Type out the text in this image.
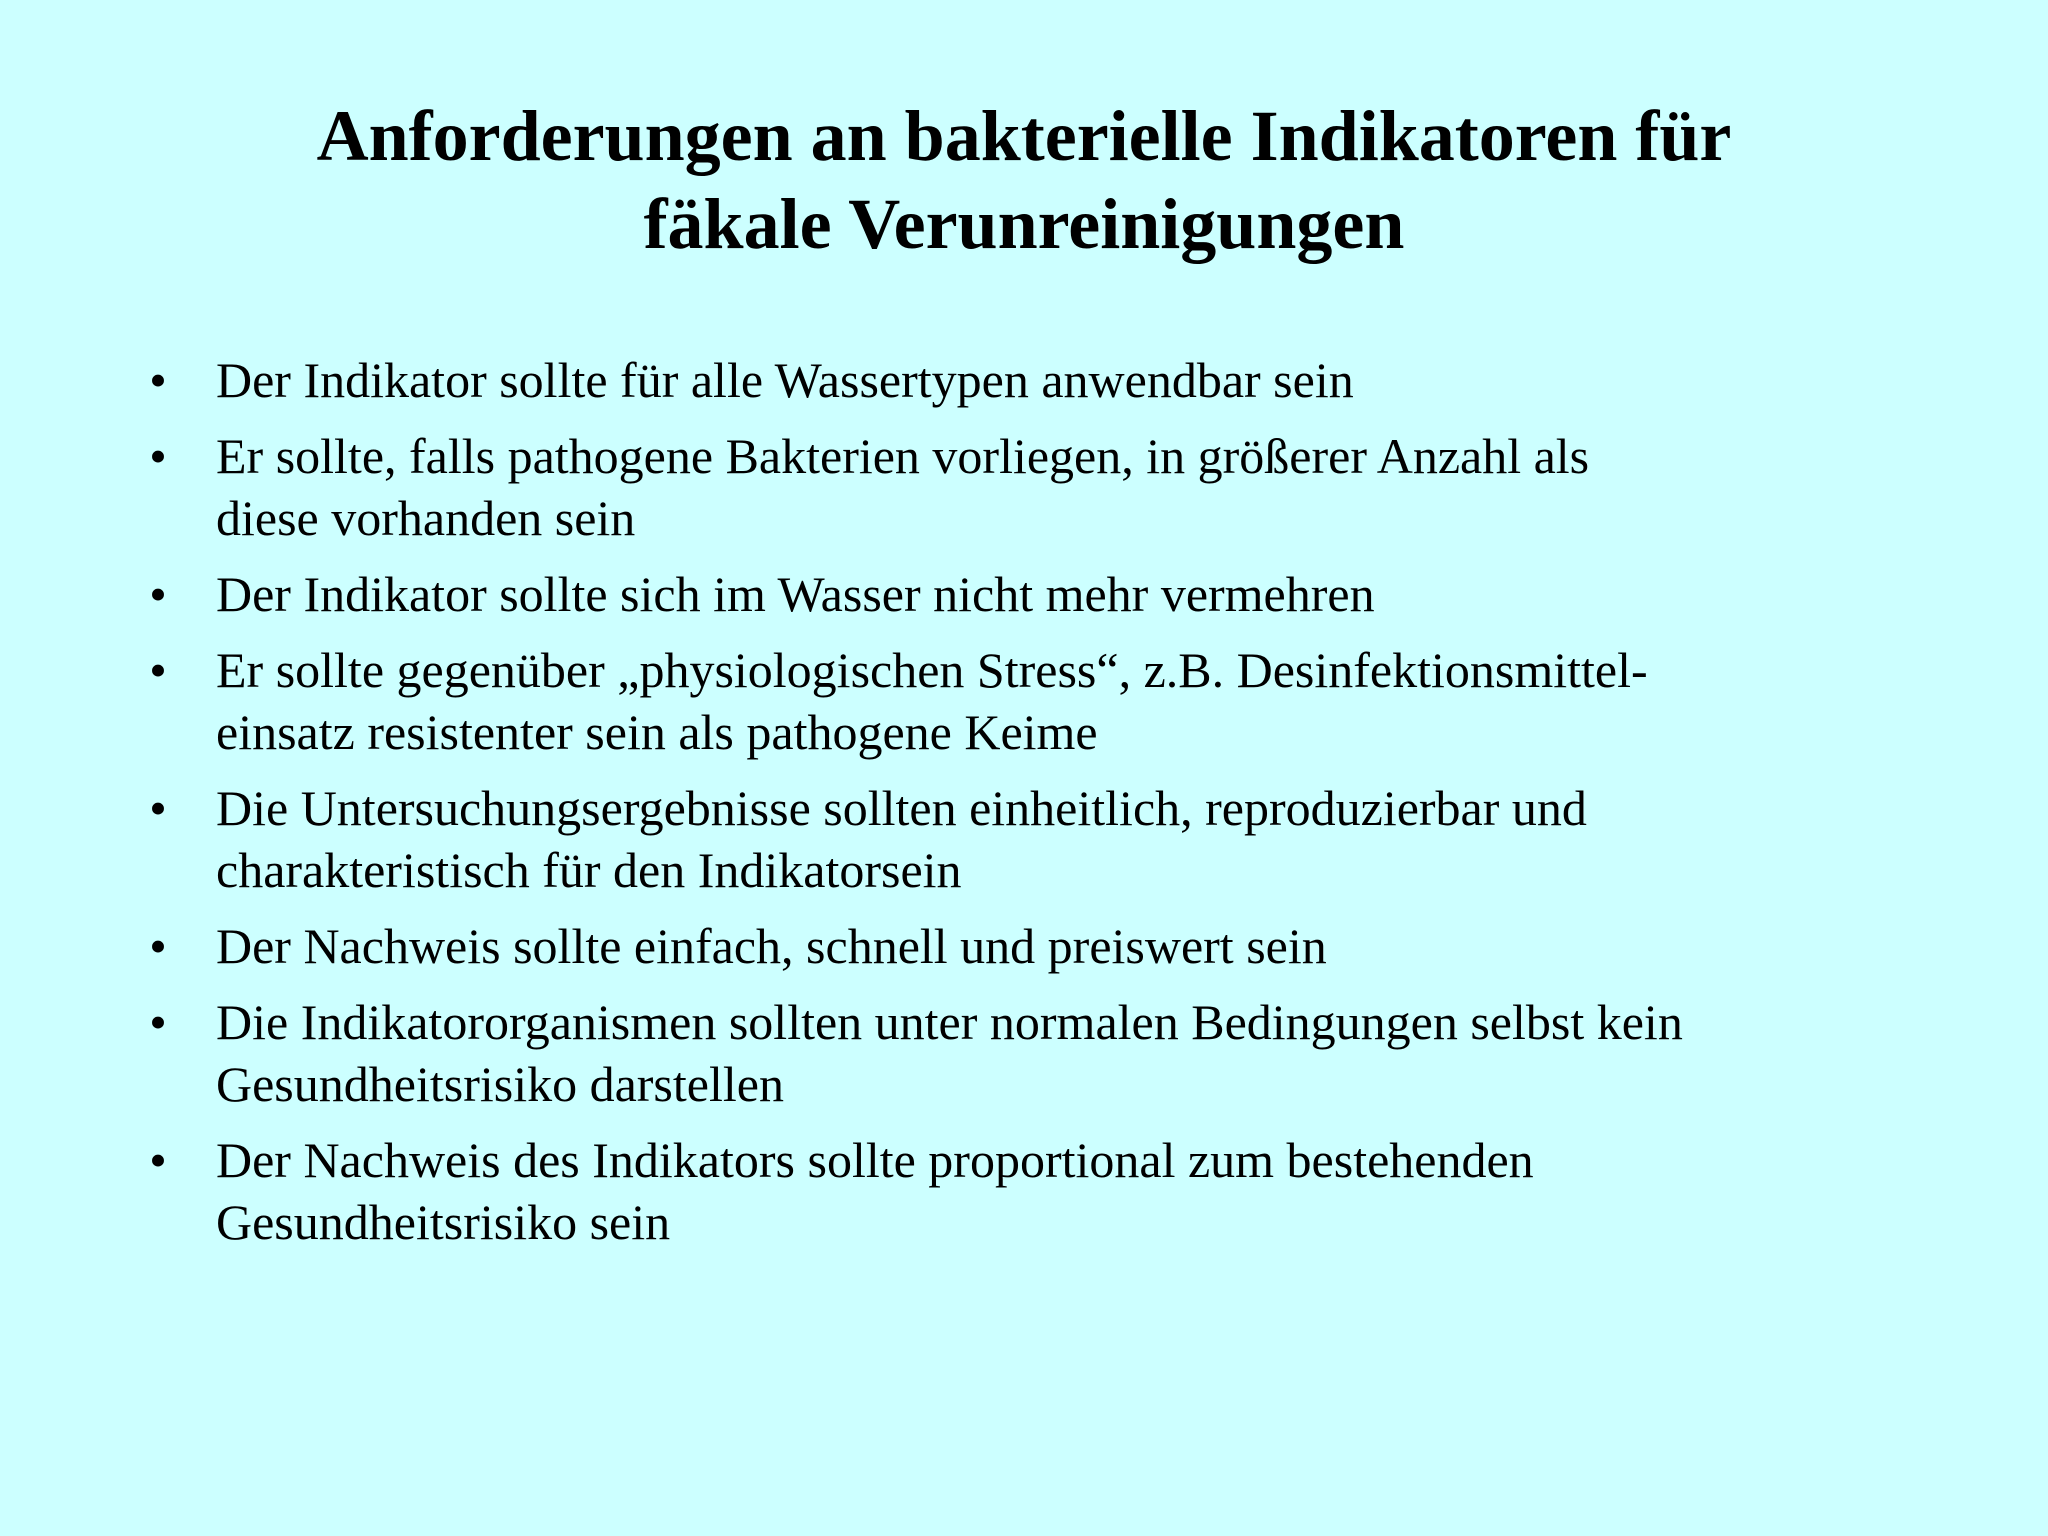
Anforderungen an bakterielle Indikatoren für
fäkale Verunreinigungen
• Der Indikator sollte für alle Wassertypen anwendbar sein
• Er sollte, falls pathogene Bakterien vorliegen, in größerer Anzahl als
diese vorhanden sein
• Der Indikator sollte sich im Wasser nicht mehr vermehren
• Er sollte gegenüber „physiologischen Stress“, z.B. Desinfektionsmittel-
einsatz resistenter sein als pathogene Keime
• Die Untersuchungsergebnisse sollten einheitlich, reproduzierbar und
charakteristisch für den Indikatorsein
• Der Nachweis sollte einfach, schnell und preiswert sein
• Die Indikatororganismen sollten unter normalen Bedingungen selbst kein
Gesundheitsrisiko darstellen
• Der Nachweis des Indikators sollte proportional zum bestehenden
Gesundheitsrisiko sein
